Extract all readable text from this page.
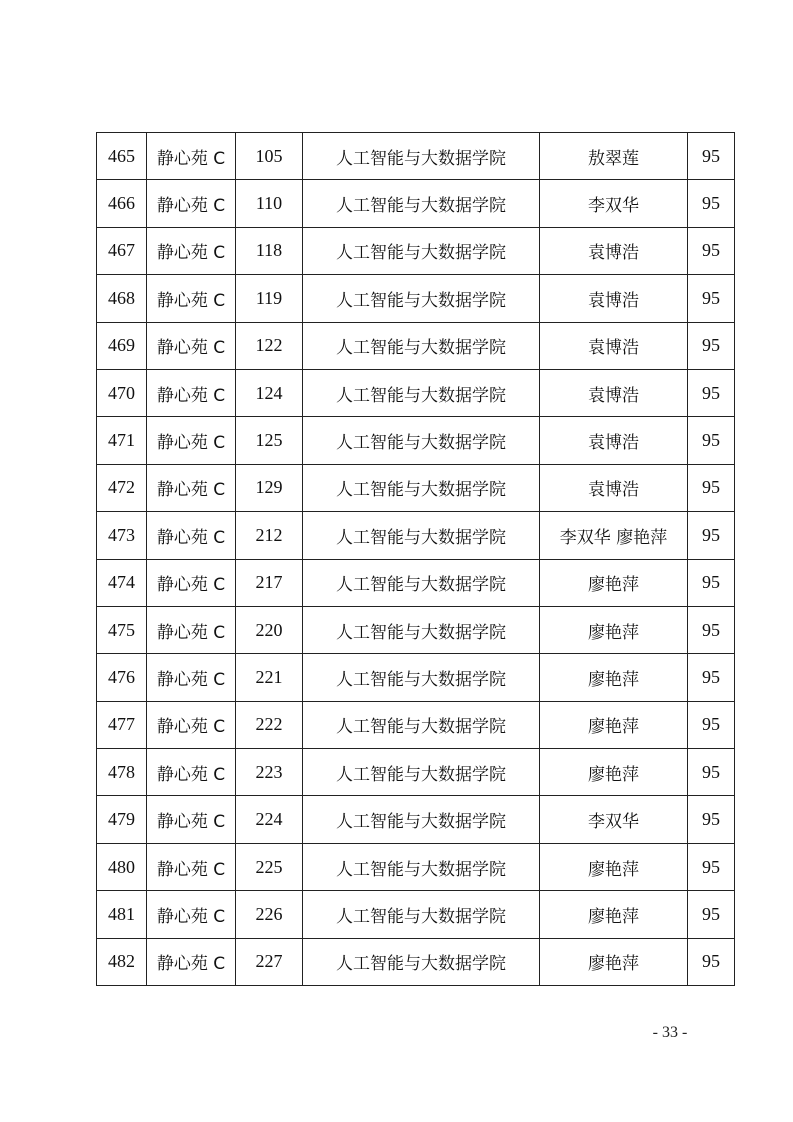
465	静心苑 C	105	人工智能与大数据学院	敖翠莲	95
466	静心苑 C	110	人工智能与大数据学院	李双华	95
467	静心苑 C	118	人工智能与大数据学院	袁博浩	95
468	静心苑 C	119	人工智能与大数据学院	袁博浩	95
469	静心苑 C	122	人工智能与大数据学院	袁博浩	95
470	静心苑 C	124	人工智能与大数据学院	袁博浩	95
471	静心苑 C	125	人工智能与大数据学院	袁博浩	95
472	静心苑 C	129	人工智能与大数据学院	袁博浩	95
473	静心苑 C	212	人工智能与大数据学院	李双华 廖艳萍	95
474	静心苑 C	217	人工智能与大数据学院	廖艳萍	95
475	静心苑 C	220	人工智能与大数据学院	廖艳萍	95
476	静心苑 C	221	人工智能与大数据学院	廖艳萍	95
477	静心苑 C	222	人工智能与大数据学院	廖艳萍	95
478	静心苑 C	223	人工智能与大数据学院	廖艳萍	95
479	静心苑 C	224	人工智能与大数据学院	李双华	95
480	静心苑 C	225	人工智能与大数据学院	廖艳萍	95
481	静心苑 C	226	人工智能与大数据学院	廖艳萍	95
482	静心苑 C	227	人工智能与大数据学院	廖艳萍	95
- 33 -
